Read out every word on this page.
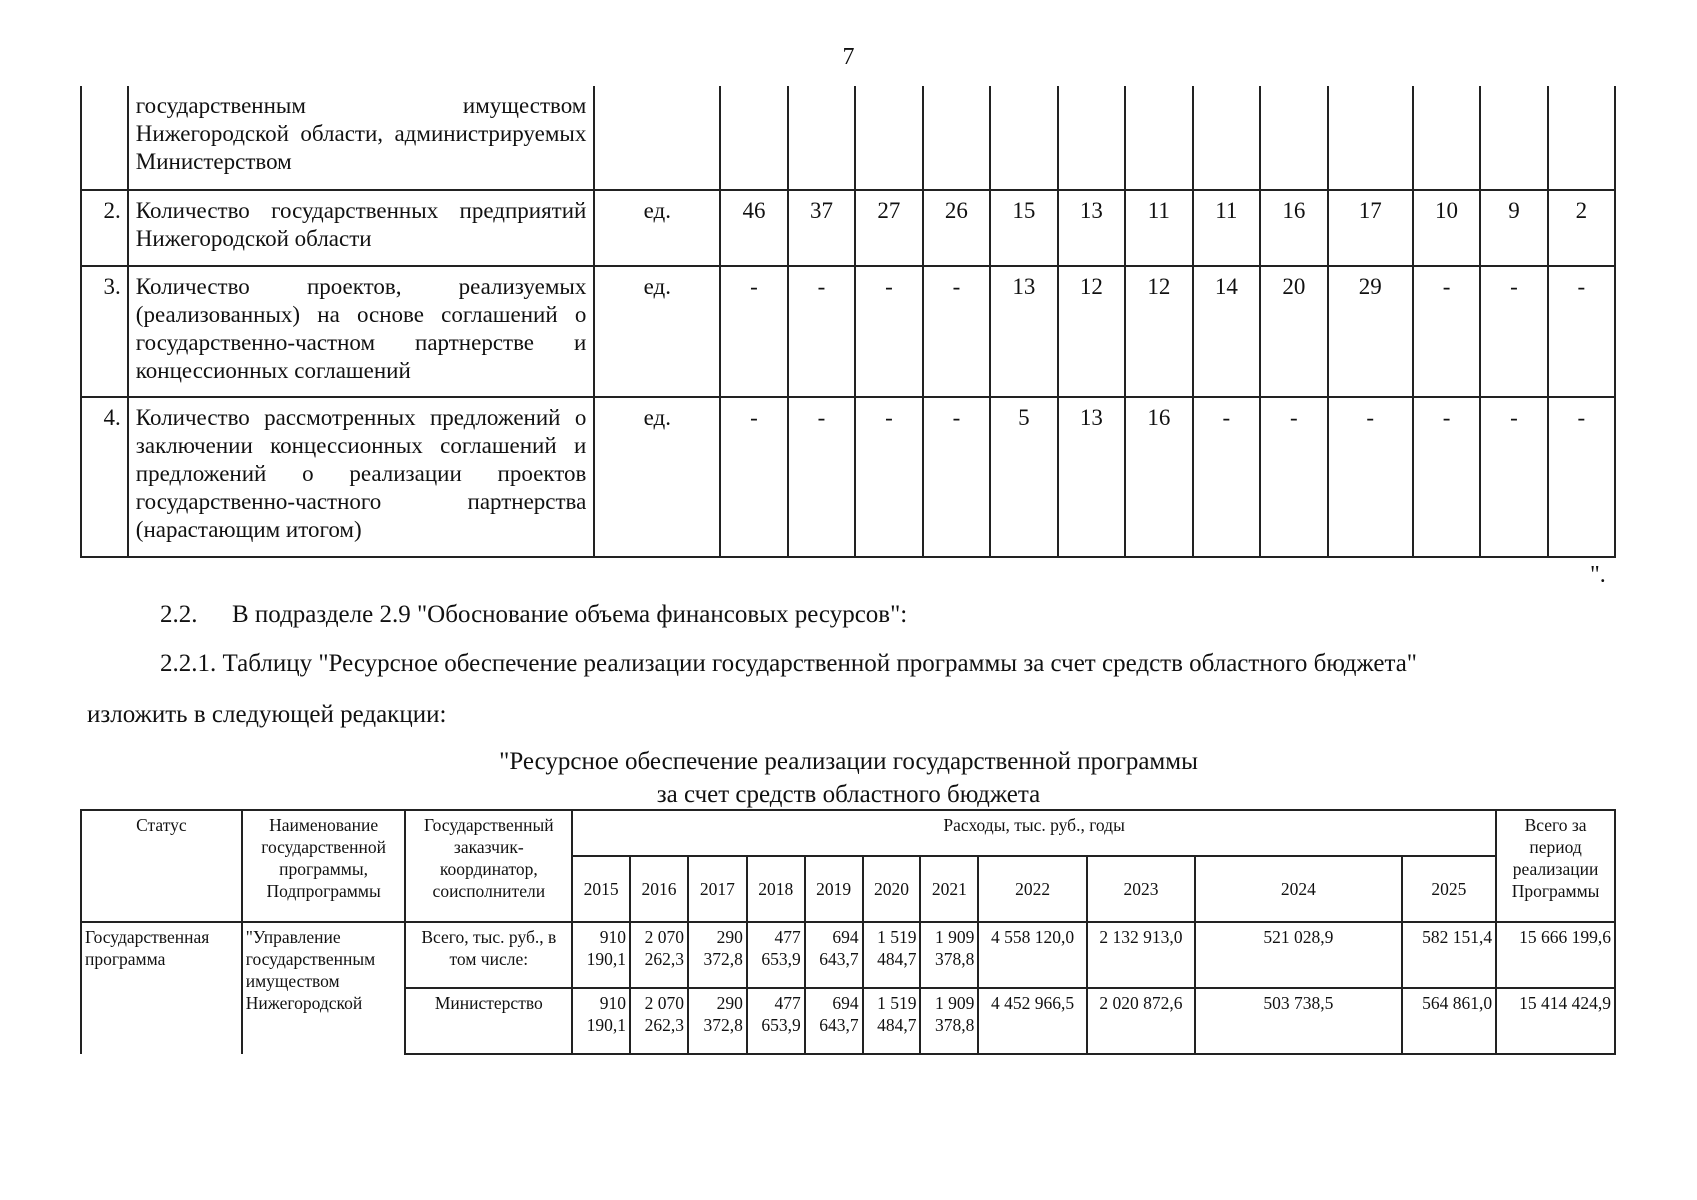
7
	государственным имуществом Нижегородской области, администрируемых Министерством														
2.	Количество государственных предприятий Нижегородской области	ед.	46	37	27	26	15	13	11	11	16	17	10	9	2
3.	Количество проектов, реализуемых (реализованных) на основе соглашений о государственно-частном партнерстве и концессионных соглашений	ед.	-	-	-	-	13	12	12	14	20	29	-	-	-
4.	Количество рассмотренных предложений о заключении концессионных соглашений и предложений о реализации проектов государственно-частного партнерства (нарастающим итогом)	ед.	-	-	-	-	5	13	16	-	-	-	-	-	-
".
2.2. В подразделе 2.9 "Обоснование объема финансовых ресурсов":
2.2.1. Таблицу "Ресурсное обеспечение реализации государственной программы за счет средств областного бюджета"
изложить в следующей редакции:
"Ресурсное обеспечение реализации государственной программы
за счет средств областного бюджета
Статус	Наименование государственной программы, Подпрограммы	Государственный заказчик-координатор, соисполнители	Расходы, тыс. руб., годы											Всего за период реализации Программы
			2015	2016	2017	2018	2019	2020	2021	2022	2023	2024	2025	
Государственная программа	"Управление государственным имуществом Нижегородской	Всего, тыс. руб., в том числе:	910 190,1	2 070 262,3	290 372,8	477 653,9	694 643,7	1 519 484,7	1 909 378,8	4 558 120,0	2 132 913,0	521 028,9	582 151,4	15 666 199,6
		Министерство	910 190,1	2 070 262,3	290 372,8	477 653,9	694 643,7	1 519 484,7	1 909 378,8	4 452 966,5	2 020 872,6	503 738,5	564 861,0	15 414 424,9
